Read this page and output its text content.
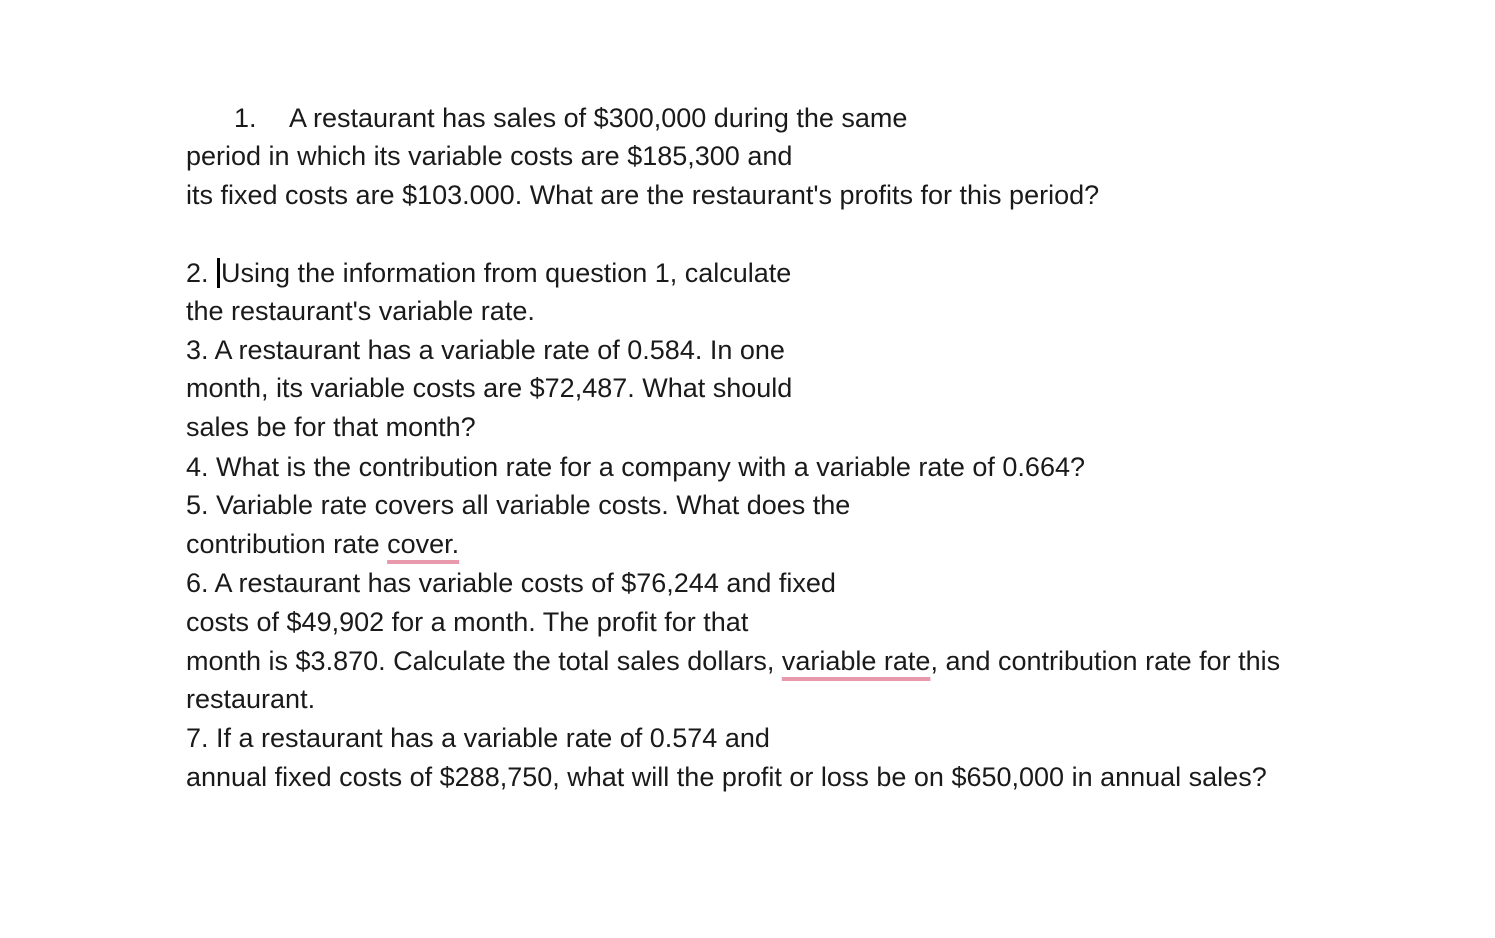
1. A restaurant has sales of $300,000 during the same
period in which its variable costs are $185,300 and
its fixed costs are $103.000. What are the restaurant's profits for this period?
2. Using the information from question 1, calculate
the restaurant's variable rate.
3. A restaurant has a variable rate of 0.584. In one
month, its variable costs are $72,487. What should
sales be for that month?
4. What is the contribution rate for a company with a variable rate of 0.664?
5. Variable rate covers all variable costs. What does the
contribution rate cover.
6. A restaurant has variable costs of $76,244 and fixed
costs of $49,902 for a month. The profit for that
month is $3.870. Calculate the total sales dollars, variable rate, and contribution rate for this
restaurant.
7. If a restaurant has a variable rate of 0.574 and
annual fixed costs of $288,750, what will the profit or loss be on $650,000 in annual sales?
